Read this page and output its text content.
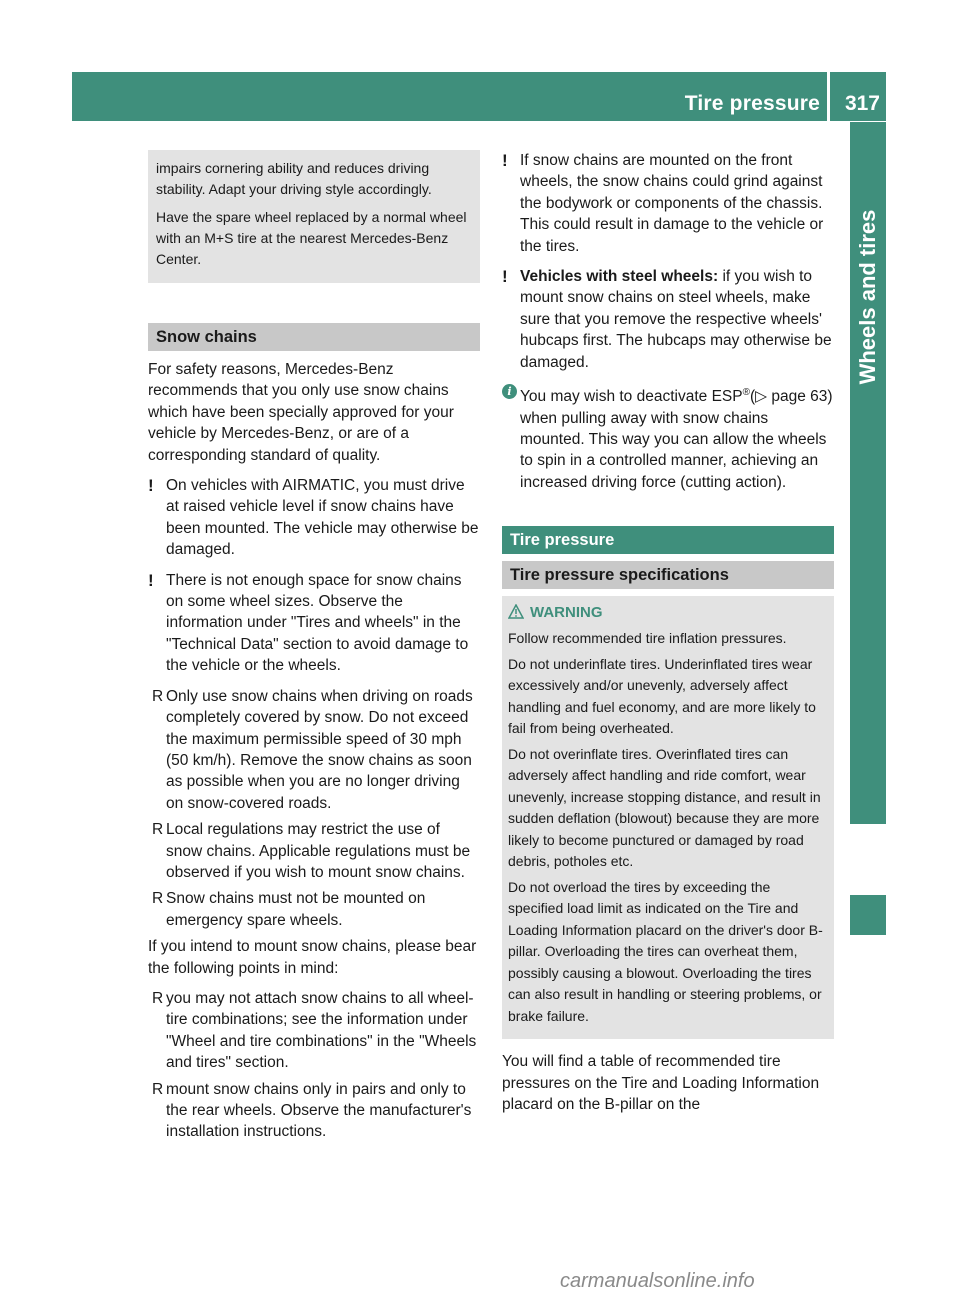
Tire pressure 317
Wheels and tires

impairs cornering ability and reduces driving stability. Adapt your driving style accordingly.

Have the spare wheel replaced by a normal wheel with an M+S tire at the nearest Mercedes-Benz Center.

Snow chains

For safety reasons, Mercedes-Benz recommends that you only use snow chains which have been specially approved for your vehicle by Mercedes-Benz, or are of a corresponding standard of quality.

! On vehicles with AIRMATIC, you must drive at raised vehicle level if snow chains have been mounted. The vehicle may otherwise be damaged.
! There is not enough space for snow chains on some wheel sizes. Observe the information under "Tires and wheels" in the "Technical Data" section to avoid damage to the vehicle or the wheels.
R Only use snow chains when driving on roads completely covered by snow. Do not exceed the maximum permissible speed of 30 mph (50 km/h). Remove the snow chains as soon as possible when you are no longer driving on snow-covered roads.
R Local regulations may restrict the use of snow chains. Applicable regulations must be observed if you wish to mount snow chains.
R Snow chains must not be mounted on emergency spare wheels.

If you intend to mount snow chains, please bear the following points in mind:

R you may not attach snow chains to all wheel-tire combinations; see the information under "Wheel and tire combinations" in the "Wheels and tires" section.
R mount snow chains only in pairs and only to the rear wheels. Observe the manufacturer's installation instructions.
! If snow chains are mounted on the front wheels, the snow chains could grind against the bodywork or components of the chassis. This could result in damage to the vehicle or the tires.
! Vehicles with steel wheels: if you wish to mount snow chains on steel wheels, make sure that you remove the respective wheels' hubcaps first. The hubcaps may otherwise be damaged.
i You may wish to deactivate ESP®(▷ page 63) when pulling away with snow chains mounted. This way you can allow the wheels to spin in a controlled manner, achieving an increased driving force (cutting action).
Tire pressure
Tire pressure specifications
WARNING

Follow recommended tire inflation pressures.

Do not underinflate tires. Underinflated tires wear excessively and/or unevenly, adversely affect handling and fuel economy, and are more likely to fail from being overheated.

Do not overinflate tires. Overinflated tires can adversely affect handling and ride comfort, wear unevenly, increase stopping distance, and result in sudden deflation (blowout) because they are more likely to become punctured or damaged by road debris, potholes etc.

Do not overload the tires by exceeding the specified load limit as indicated on the Tire and Loading Information placard on the driver's door B-pillar. Overloading the tires can overheat them, possibly causing a blowout. Overloading the tires can also result in handling or steering problems, or brake failure.

You will find a table of recommended tire pressures on the Tire and Loading Information placard on the B-pillar on the

carmanualsonline.info
